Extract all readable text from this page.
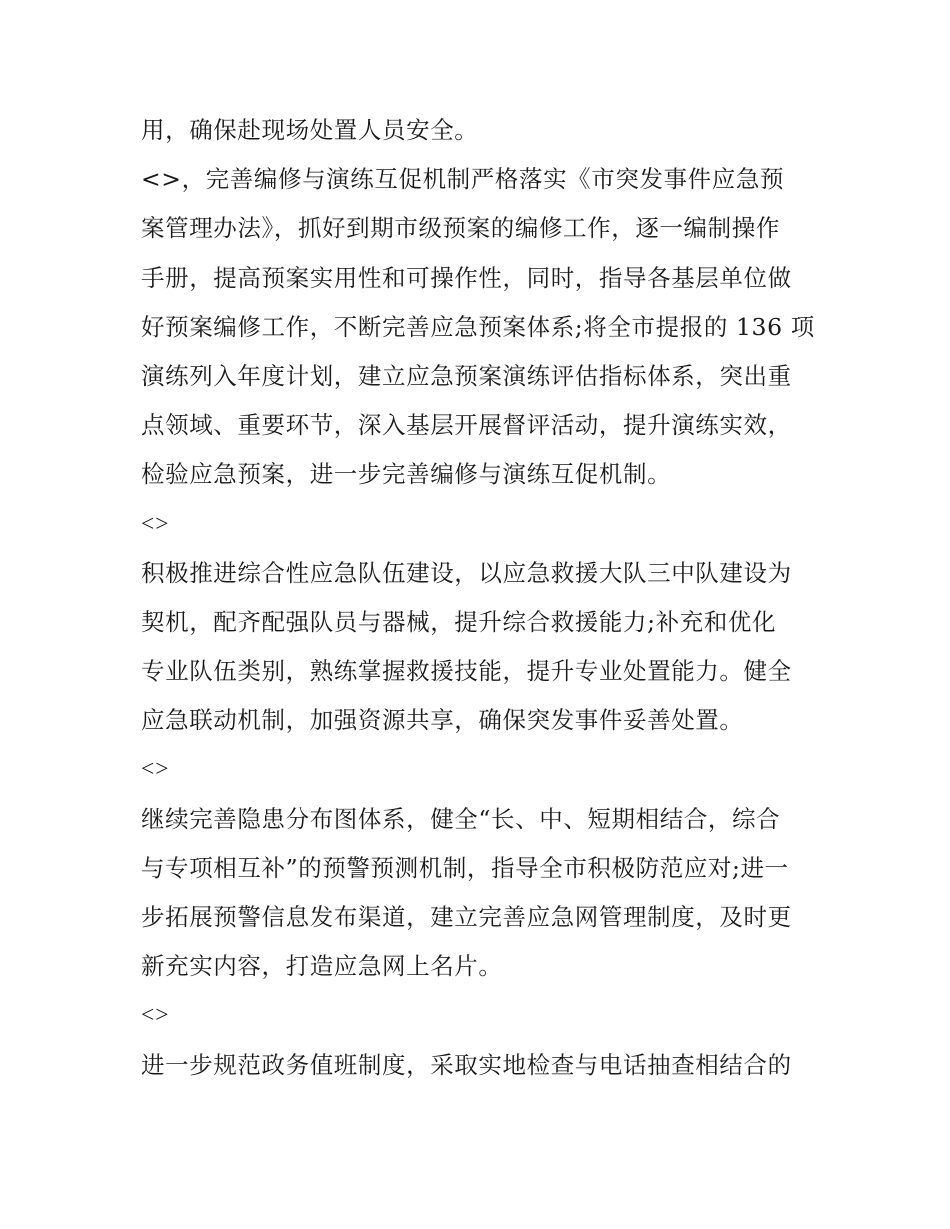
用，确保赴现场处置人员安全。
<>，完善编修与演练互促机制严格落实《市突发事件应急预
案管理办法》，抓好到期市级预案的编修工作，逐一编制操作
手册，提高预案实用性和可操作性，同时，指导各基层单位做
好预案编修工作，不断完善应急预案体系;将全市提报的 136 项
演练列入年度计划，建立应急预案演练评估指标体系，突出重
点领域、重要环节，深入基层开展督评活动，提升演练实效，
检验应急预案，进一步完善编修与演练互促机制。
<>
积极推进综合性应急队伍建设，以应急救援大队三中队建设为
契机，配齐配强队员与器械，提升综合救援能力;补充和优化
专业队伍类别，熟练掌握救援技能，提升专业处置能力。健全
应急联动机制，加强资源共享，确保突发事件妥善处置。
<>
继续完善隐患分布图体系，健全“长、中、短期相结合，综合
与专项相互补”的预警预测机制，指导全市积极防范应对;进一
步拓展预警信息发布渠道，建立完善应急网管理制度，及时更
新充实内容，打造应急网上名片。
<>
进一步规范政务值班制度，采取实地检查与电话抽查相结合的
